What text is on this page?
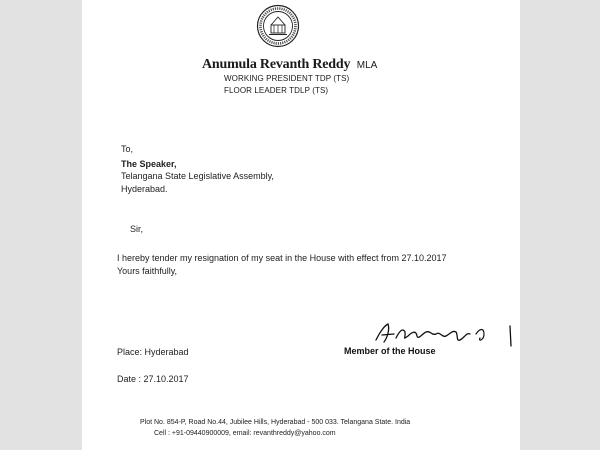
Anumula Revanth Reddy MLA
WORKING PRESIDENT TDP (TS)
FLOOR LEADER TDLP (TS)
To,
The Speaker,
Telangana State Legislative Assembly,
Hyderabad.
Sir,
I hereby tender my resignation of my seat in the House with effect from 27.10.2017
Yours faithfully,
Member of the House
Place: Hyderabad
Date : 27.10.2017
Plot No. 854-P, Road No.44, Jubilee Hills, Hyderabad - 500 033. Telangana State. India
Cell : +91-09440900009, email: revanthreddy@yahoo.com
